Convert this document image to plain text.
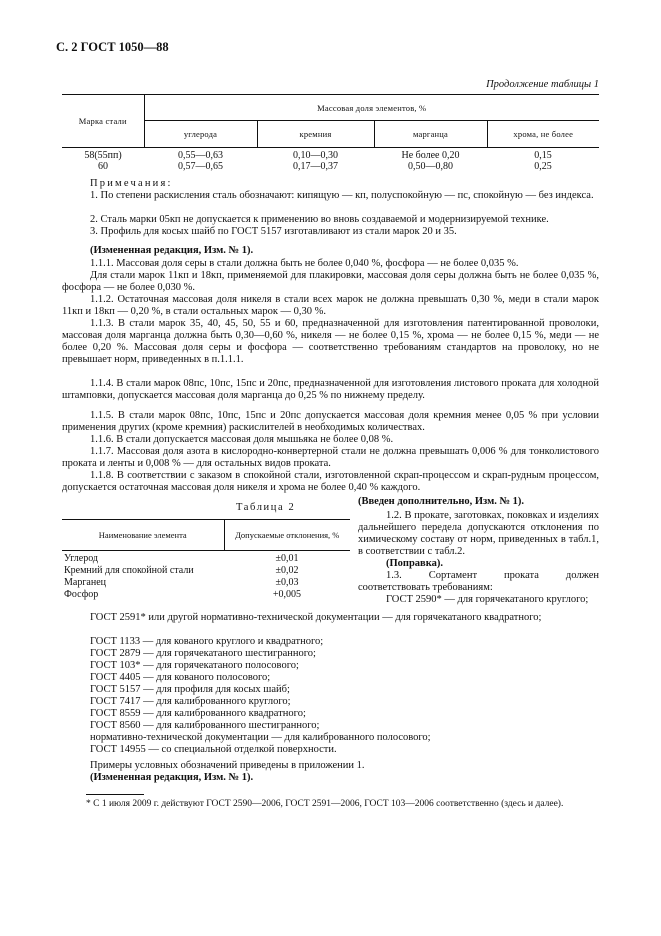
С. 2 ГОСТ 1050—88
Продолжение таблицы 1
Марка стали	Массовая доля элементов, %			
	углерода	кремния	марганца	хрома, не более
58(55пп)	0,55—0,63	0,10—0,30	Не более 0,20	0,15
60	0,57—0,65	0,17—0,37	0,50—0,80	0,25

Примечания:

1. По степени раскисления сталь обозначают: кипящую — кп, полуспокойную — пс, спокойную — без индекса.

2. Сталь марки 05кп не допускается к применению во вновь создаваемой и модернизируемой технике.

3. Профиль для косых шайб по ГОСТ 5157 изготавливают из стали марок 20 и 35.

(Измененная редакция, Изм. № 1).

1.1.1. Массовая доля серы в стали должна быть не более 0,040 %, фосфора — не более 0,035 %.

Для стали марок 11кп и 18кп, применяемой для плакировки, массовая доля серы должна быть не более 0,035 %, фосфора — не более 0,030 %.

1.1.2. Остаточная массовая доля никеля в стали всех марок не должна превышать 0,30 %, меди в стали марок 11кп и 18кп — 0,20 %, в стали остальных марок — 0,30 %.

1.1.3. В стали марок 35, 40, 45, 50, 55 и 60, предназначенной для изготовления патентированной проволоки, массовая доля марганца должна быть 0,30—0,60 %, никеля — не более 0,15 %, хрома — не более 0,15 %, меди — не более 0,20 %. Массовая доля серы и фосфора — соответственно требованиям стандартов на проволоку, но не превышает норм, приведенных в п.1.1.1.

1.1.4. В стали марок 08пс, 10пс, 15пс и 20пс, предназначенной для изготовления листового проката для холодной штамповки, допускается массовая доля марганца до 0,25 % по нижнему пределу.

1.1.5. В стали марок 08пс, 10пс, 15пс и 20пс допускается массовая доля кремния менее 0,05 % при условии применения других (кроме кремния) раскислителей в необходимых количествах.

1.1.6. В стали допускается массовая доля мышьяка не более 0,08 %.

1.1.7. Массовая доля азота в кислородно-конвертерной стали не должна превышать 0,006 % для тонколистового проката и ленты и 0,008 % — для остальных видов проката.

1.1.8. В соответствии с заказом в спокойной стали, изготовленной скрап-процессом и скрап-рудным процессом, допускается остаточная массовая доля никеля и хрома не более 0,40 % каждого.

Таблица 2
Наименование элемента	Допускаемые отклонения, %
Углерод	±0,01
Кремний для спокойной стали	±0,02
Марганец	±0,03
Фосфор	+0,005

(Введен дополнительно, Изм. № 1).

1.2. В прокате, заготовках, поковках и изделиях дальнейшего передела допускаются отклонения по химическому составу от норм, приведенных в табл.1, в соответствии с табл.2.

(Поправка).

1.3. Сортамент проката должен соответствовать требованиям:

ГОСТ 2590* — для горячекатаного круглого;

ГОСТ 2591* или другой нормативно-технической документации — для горячекатаного квадратного;

ГОСТ 1133 — для кованого круглого и квадратного;

ГОСТ 2879 — для горячекатаного шестигранного;

ГОСТ 103* — для горячекатаного полосового;

ГОСТ 4405 — для кованого полосового;

ГОСТ 5157 — для профиля для косых шайб;

ГОСТ 7417 — для калиброванного круглого;

ГОСТ 8559 — для калиброванного квадратного;

ГОСТ 8560 — для калиброванного шестигранного;

нормативно-технической документации — для калиброванного полосового;

ГОСТ 14955 — со специальной отделкой поверхности.

Примеры условных обозначений приведены в приложении 1.

(Измененная редакция, Изм. № 1).

* С 1 июля 2009 г. действуют ГОСТ 2590—2006, ГОСТ 2591—2006, ГОСТ 103—2006 соответственно (здесь и далее).
